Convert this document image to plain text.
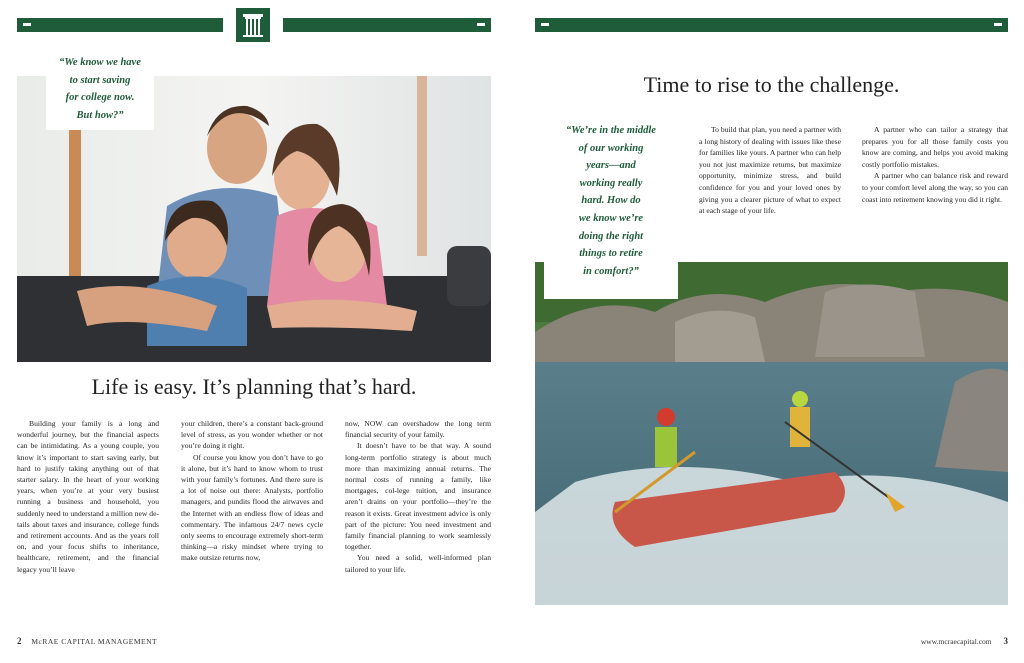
“We know we have
to start saving
for college now.
But how?”
Life is easy. It’s planning that’s hard.

Building your family is a long and wonderful journey, but the financial aspects can be intimidating. As a young couple, you know it’s important to start saving early, but hard to justify taking anything out of that starter salary. In the heart of your working years, when you’re at your very busiest running a business and household, you suddenly need to understand a million new de-tails about taxes and insurance, college funds and retirement accounts. And as the years roll on, and your focus shifts to inheritance, healthcare, retirement, and the financial legacy you’ll leave

your children, there’s a constant back-ground level of stress, as you wonder whether or not you’re doing it right.

Of course you know you don’t have to go it alone, but it’s hard to know whom to trust with your family’s fortunes. And there sure is a lot of noise out there: Analysts, portfolio managers, and pundits flood the airwaves and the Internet with an endless flow of ideas and commentary. The infamous 24/7 news cycle only seems to encourage extremely short-term thinking—a risky mindset where trying to make outsize returns now,

now, NOW can overshadow the long term financial security of your family.

It doesn’t have to be that way. A sound long-term portfolio strategy is about much more than maximizing annual returns. The normal costs of running a family, like mortgages, col-lege tuition, and insurance aren’t drains on your portfolio—they’re the reason it exists. Great investment advice is only part of the picture: You need investment and family financial planning to work seamlessly together.

You need a solid, well-informed plan tailored to your life.

2 McRAE CAPITAL MANAGEMENT
Time to rise to the challenge.

To build that plan, you need a partner with a long history of dealing with issues like these for families like yours. A partner who can help you not just maximize returns, but maximize opportunity, minimize stress, and build confidence for you and your loved ones by giving you a clearer picture of what to expect at each stage of your life.

A partner who can tailor a strategy that prepares you for all those family costs you know are coming, and helps you avoid making costly portfolio mistakes.

A partner who can balance risk and reward to your comfort level along the way, so you can coast into retirement knowing you did it right.

“We’re in the middle
of our working
years—and
working really
hard. How do
we know we’re
doing the right
things to retire
in comfort?”
www.mcraecapital.com 3
